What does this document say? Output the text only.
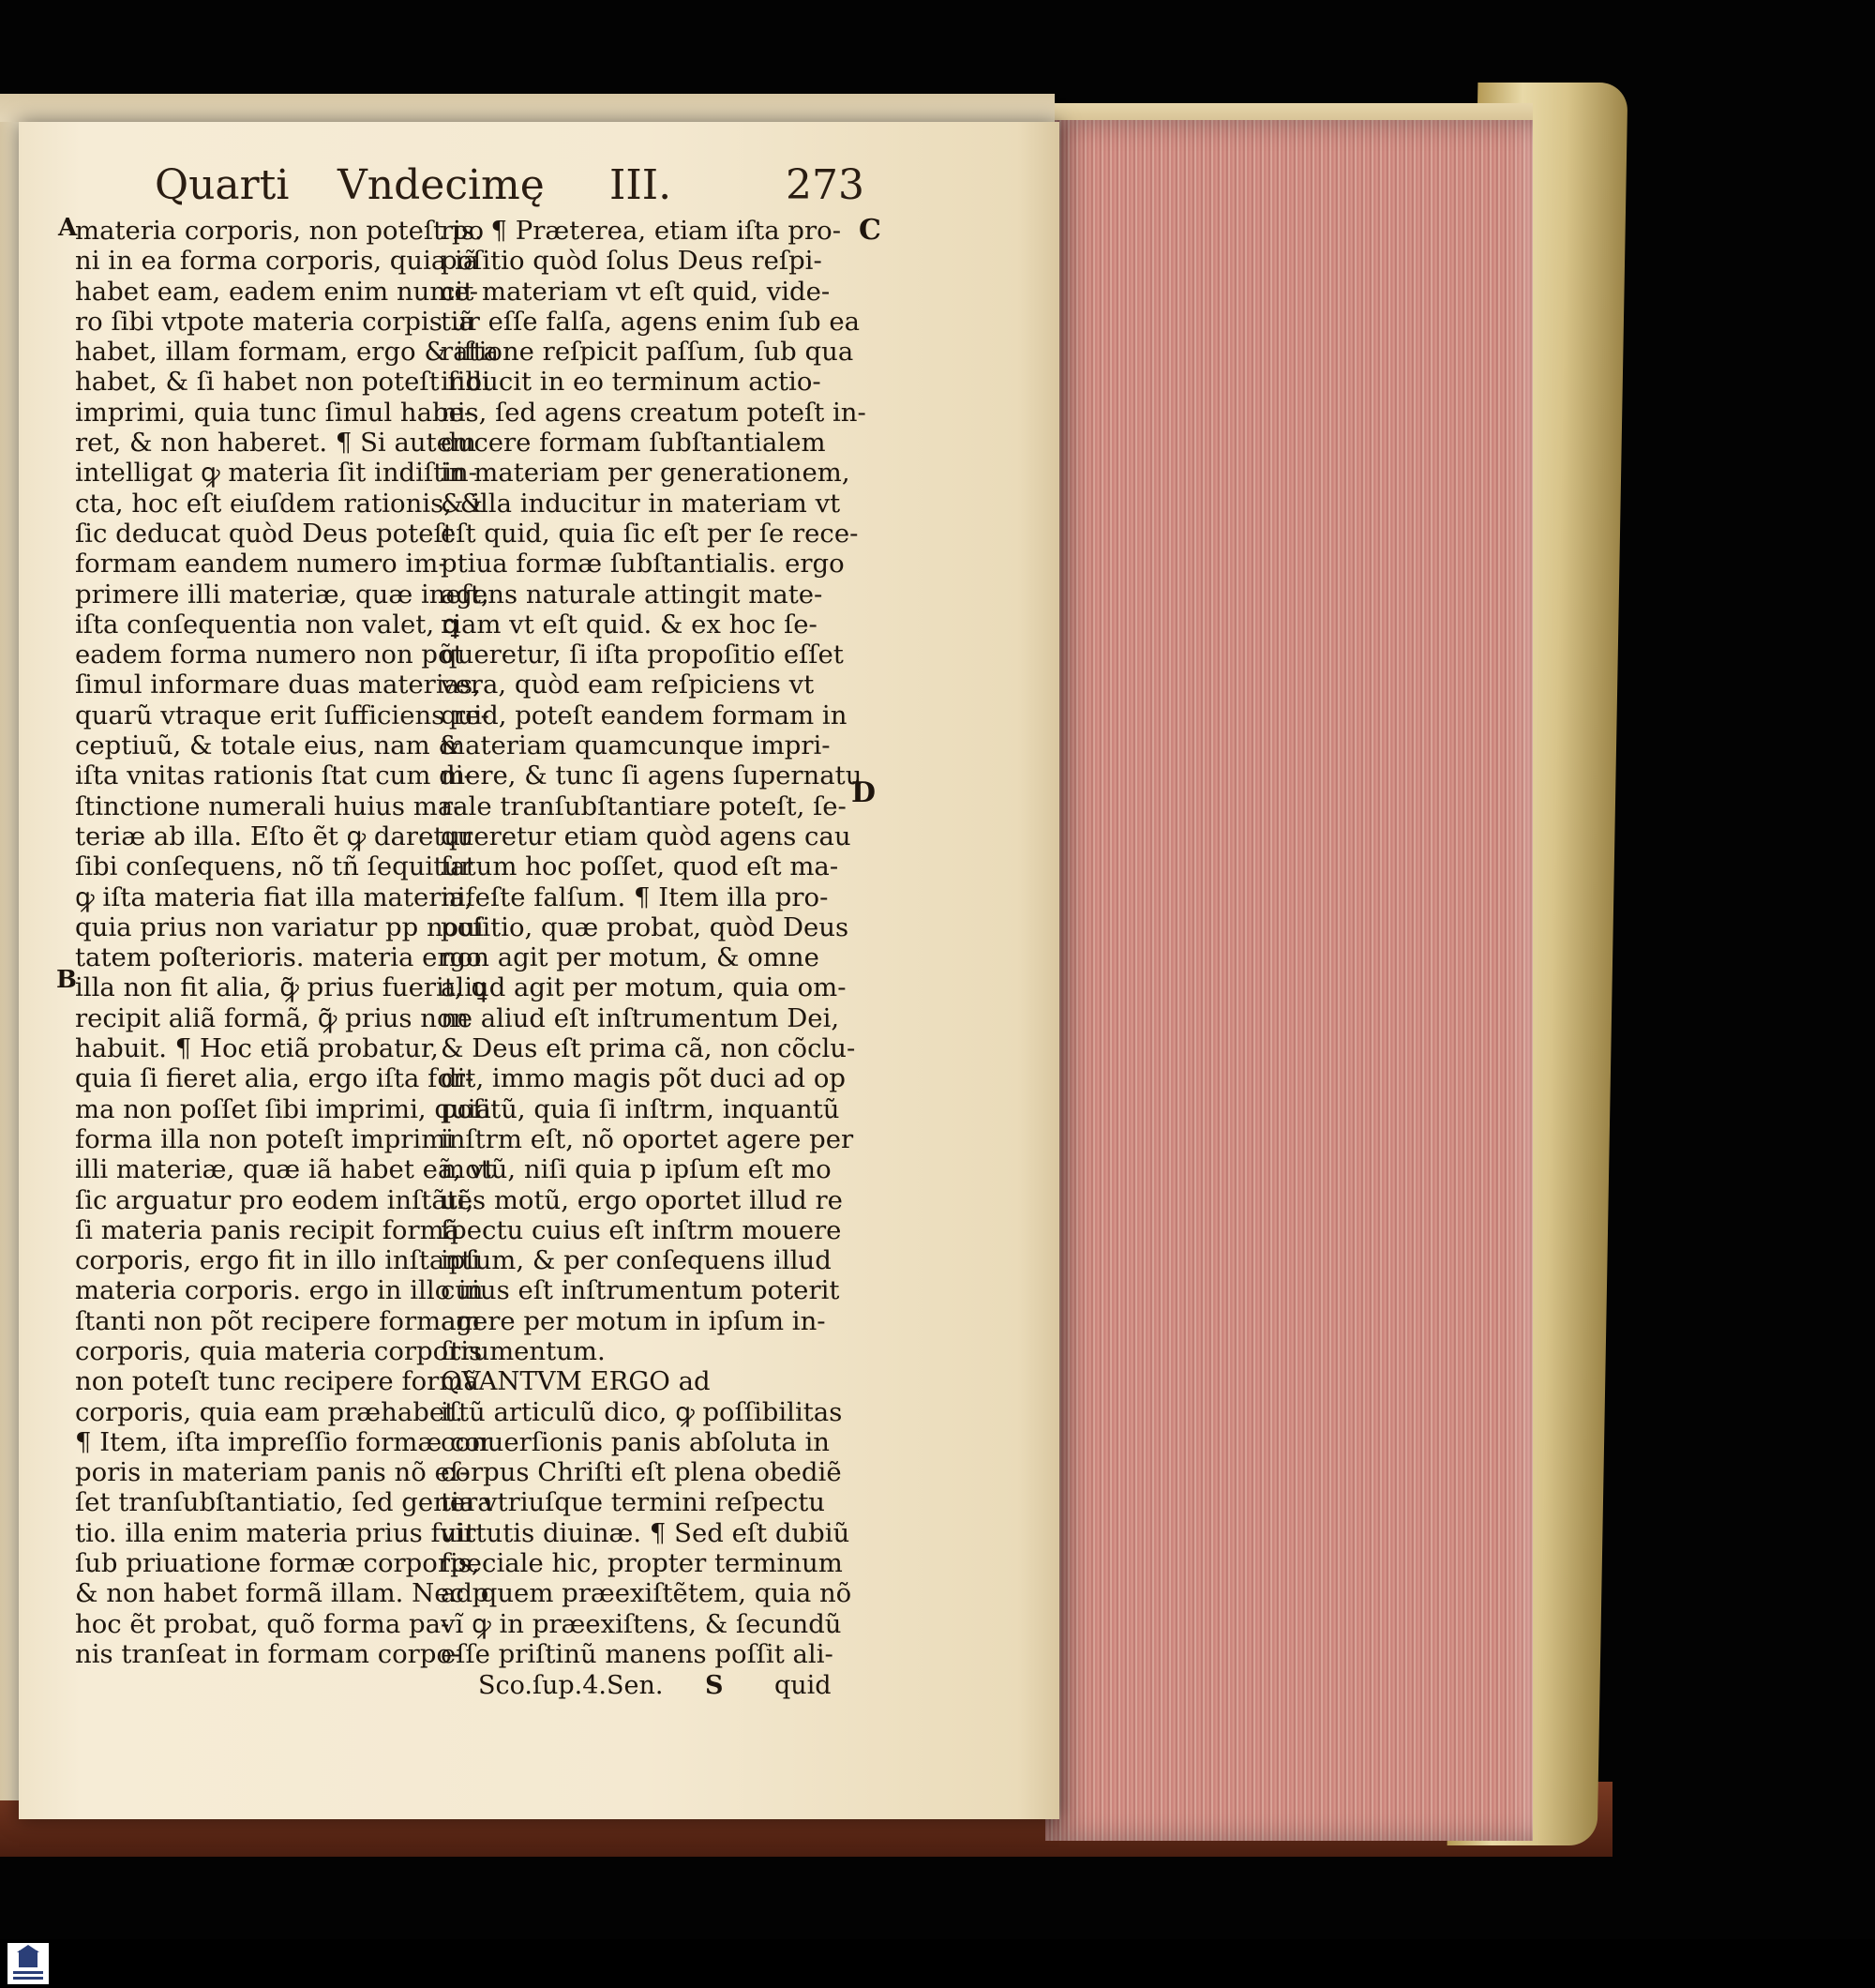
Quarti Vndecimę III.	273
materia corporis, non poteſt po
ni in ea forma corporis, quia iã
habet eam, eadem enim nume-
ro ſibi vtpote materia corpis iã
habet, illam formam, ergo & iſta
habet, & ſi habet non poteſt ſibi
imprimi, quia tunc ſimul habe-
ret, & non haberet. ¶ Si autem
intelligat ꝙ materia ſit indiſtin-
cta, hoc eſt eiuſdem rationis, &
ſic deducat quòd Deus poteſt
formam eandem numero im-
primere illi materiæ, quæ ineſt,
iſta conſequentia non valet, ꝗ
eadem forma numero non põt
ſimul informare duas materias,
quarũ vtraque erit ſufficiens re-
ceptiuũ, & totale eius, nam &
iſta vnitas rationis ſtat cum di-
ſtinctione numerali huius ma-
teriæ ab illa. Eſto ẽt ꝙ daretur
ſibi conſequens, nõ tñ ſequitur
ꝙ iſta materia fiat illa materia,
quia prius non variatur pp noui
tatem poſterioris. materia ergo
illa non fit alia, ꝙ̃ prius fuerit, ꝗ
recipit aliã formã, ꝙ̃ prius non
habuit. ¶ Hoc etiã probatur,
quia ſi fieret alia, ergo iſta for-
ma non poſſet ſibi imprimi, quia
forma illa non poteſt imprimi
illi materiæ, quæ iã habet eã, vt
ſic arguatur pro eodem inſtãti,
ſi materia panis recipit formã
corporis, ergo fit in illo inſtanti
materia corporis. ergo in illo in
ſtanti non põt recipere formam
corporis, quia materia corporis
non poteſt tunc recipere formã
corporis, quia eam præhabet.
¶ Item, iſta impreſſio formæ cor
poris in materiam panis nõ eſ-
ſet tranſubſtantiatio, ſed genera
tio. illa enim materia prius fuit
ſub priuatione formæ corporis,
& non habet formã illam. Nec p
hoc ẽt probat, quõ forma pa-
nis tranſeat in formam corpo-
ris. ¶ Præterea, etiam iſta pro-
poſitio quòd ſolus Deus reſpi-
cit materiam vt eſt quid, vide-
tur eſſe falſa, agens enim ſub ea
ratione reſpicit paſſum, ſub qua
inducit in eo terminum actio-
nis, ſed agens creatum poteſt in-
ducere formam ſubſtantialem
in materiam per generationem,
& illa inducitur in materiam vt
eſt quid, quia ſic eſt per ſe rece-
ptiua formæ ſubſtantialis. ergo
agens naturale attingit mate-
riam vt eſt quid. & ex hoc ſe-
queretur, ſi iſta propoſitio eſſet
vera, quòd eam reſpiciens vt
quid, poteſt eandem formam in
materiam quamcunque impri-
mere, & tunc ſi agens ſupernatu
rale tranſubſtantiare poteſt, ſe-
queretur etiam quòd agens cau
ſatum hoc poſſet, quod eſt ma-
nifeſte falſum. ¶ Item illa pro-
poſitio, quæ probat, quòd Deus
non agit per motum, & omne
aliud agit per motum, quia om-
ne aliud eſt inſtrumentum Dei,
& Deus eſt prima cã, non cõclu-
dit, immo magis põt duci ad op
poſitũ, quia ſi inſtrm, inquantũ
inſtrm eſt, nõ oportet agere per
motũ, niſi quia p ipſum eſt mo
uẽs motũ, ergo oportet illud re
ſpectu cuius eſt inſtrm mouere
ipſum, & per conſequens illud
cuius eſt inſtrumentum poterit
agere per motum in ipſum in-
ſtrumentum.
QVANTVM ERGO ad
iſtũ articulũ dico, ꝙ poſſibilitas
conuerſionis panis abſoluta in
corpus Chriſti eſt plena obediẽ
tia vtriuſque termini reſpectu
virtutis diuinæ. ¶ Sed eſt dubiũ
ſpeciale hic, propter terminum
ad quem præexiſtẽtem, quia nõ
vĩ ꝙ in præexiſtens, & ſecundũ
eſſe priſtinũ manens poſſit ali-
Sco.ſup.4.Sen. S quid
A
B
C
D
